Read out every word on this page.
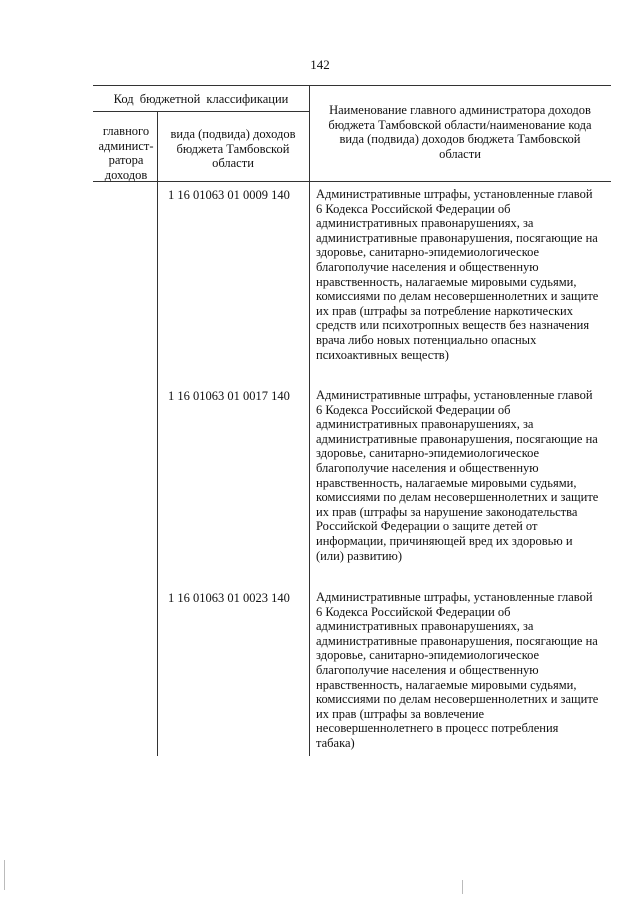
142
Код бюджетной классификации
главного админист- ратора доходов
вида (подвида) доходов бюджета Тамбовской области
Наименование главного администратора доходов бюджета Тамбовской области/наименование кода вида (подвида) доходов бюджета Тамбовской области
1 16 01063 01 0009 140 Административные штрафы, установленные главой 6 Кодекса Российской Федерации об административных правонарушениях, за административные правонарушения, посягающие на здоровье, санитарно-эпидемиологическое благополучие населения и общественную нравственность, налагаемые мировыми судьями, комиссиями по делам несовершеннолетних и защите их прав (штрафы за потребление наркотических средств или психотропных веществ без назначения врача либо новых потенциально опасных психоактивных веществ)
1 16 01063 01 0017 140 Административные штрафы, установленные главой 6 Кодекса Российской Федерации об административных правонарушениях, за административные правонарушения, посягающие на здоровье, санитарно-эпидемиологическое благополучие населения и общественную нравственность, налагаемые мировыми судьями, комиссиями по делам несовершеннолетних и защите их прав (штрафы за нарушение законодательства Российской Федерации о защите детей от информации, причиняющей вред их здоровью и (или) развитию)
1 16 01063 01 0023 140 Административные штрафы, установленные главой 6 Кодекса Российской Федерации об административных правонарушениях, за административные правонарушения, посягающие на здоровье, санитарно-эпидемиологическое благополучие населения и общественную нравственность, налагаемые мировыми судьями, комиссиями по делам несовершеннолетних и защите их прав (штрафы за вовлечение несовершеннолетнего в процесс потребления табака)
